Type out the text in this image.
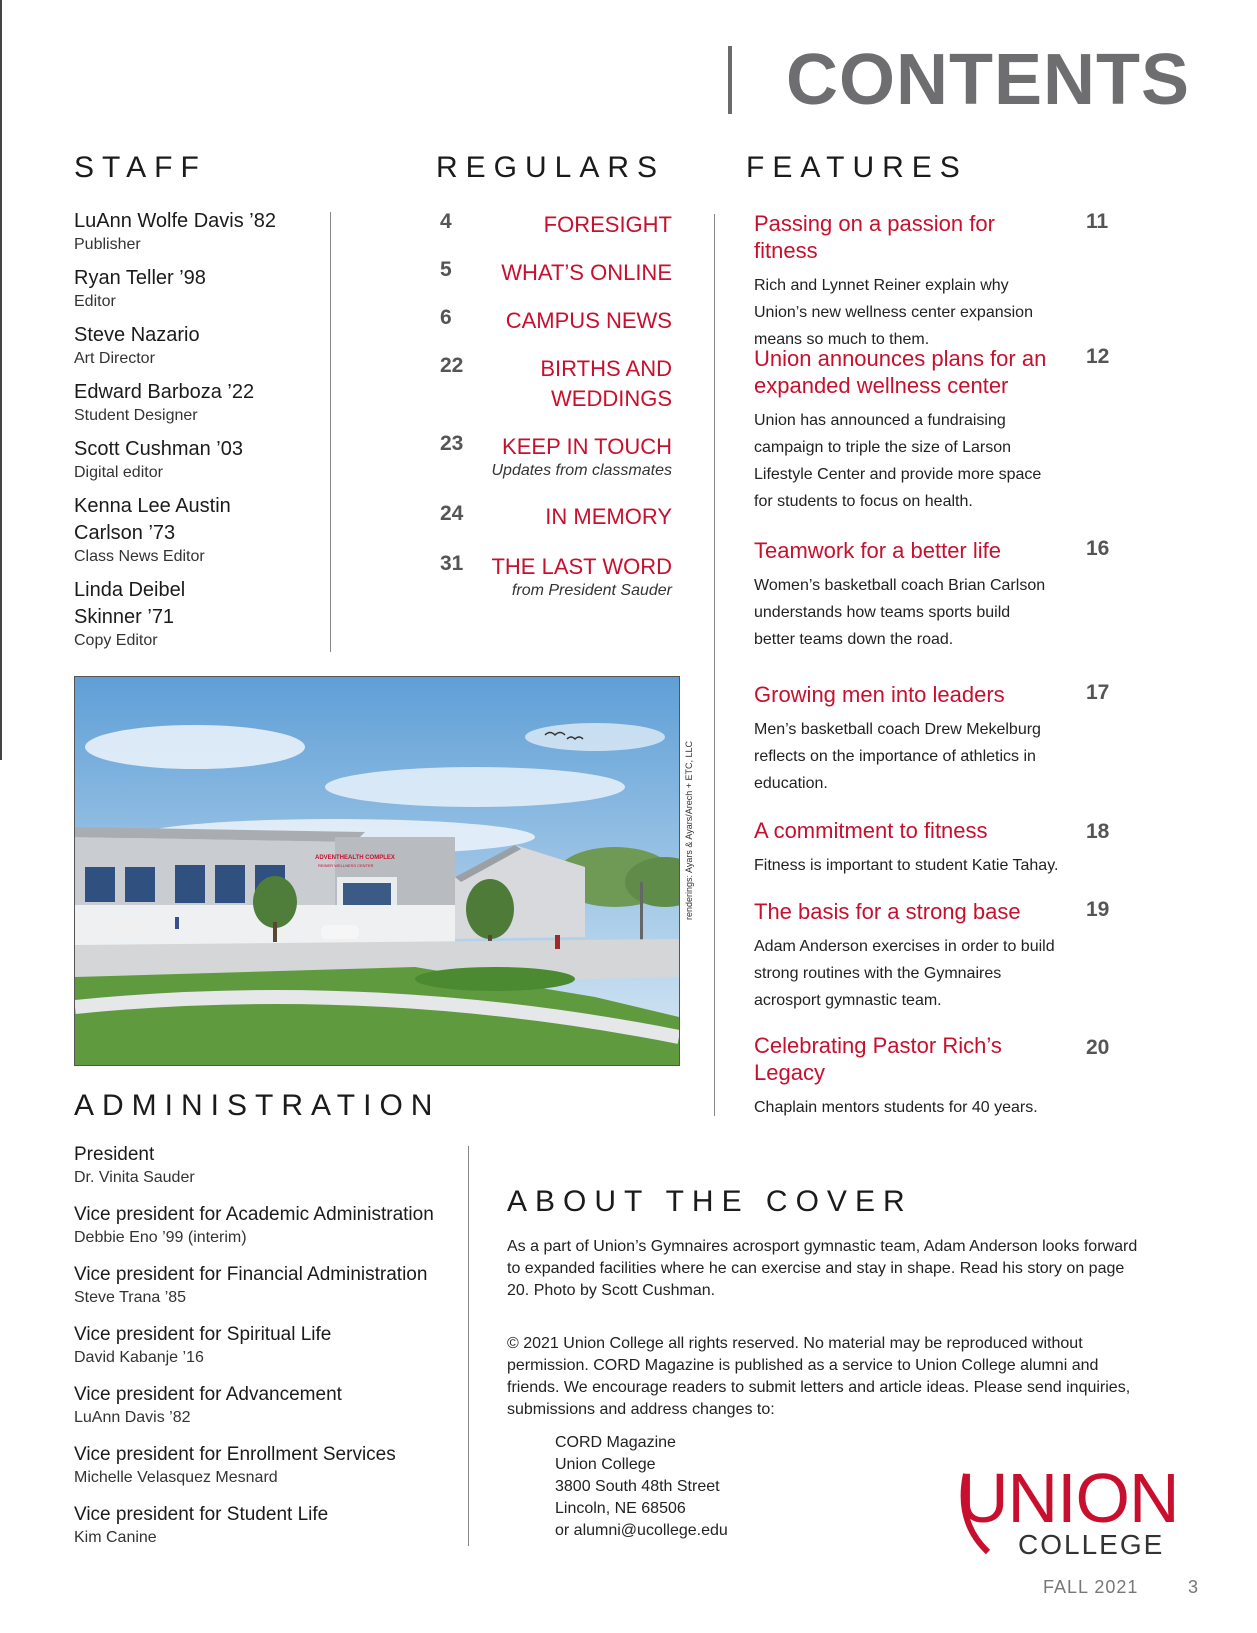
CONTENTS
STAFF	REGULARS	FEATURES
LuAnn Wolfe Davis ’82
Publisher
Ryan Teller ’98
Editor
Steve Nazario
Art Director
Edward Barboza ’22
Student Designer
Scott Cushman ’03
Digital editor
Kenna Lee Austin Carlson ’73
Class News Editor
Linda Deibel Skinner ’71
Copy Editor
4	FORESIGHT
5	WHAT’S ONLINE
6	CAMPUS NEWS
22	BIRTHS AND WEDDINGS
23	KEEP IN TOUCH
Updates from classmates
24	IN MEMORY
31	THE LAST WORD
from President Sauder
Passing on a passion for fitness
Rich and Lynnet Reiner explain why Union’s new wellness center expansion means so much to them.
11
Union announces plans for an expanded wellness center
Union has announced a fundraising campaign to triple the size of Larson Lifestyle Center and provide more space for students to focus on health.
12
Teamwork for a better life
Women’s basketball coach Brian Carlson understands how teams sports build better teams down the road.
16
Growing men into leaders
Men’s basketball coach Drew Mekelburg reflects on the importance of athletics in education.
17
A commitment to fitness
Fitness is important to student Katie Tahay.
18
The basis for a strong base
Adam Anderson exercises in order to build strong routines with the Gymnaires acrosport gymnastic team.
19
Celebrating Pastor Rich’s Legacy
Chaplain mentors students for 40 years.
20
ADVENTHEALTH COMPLEX
REINER WELLNESS CENTER	renderings: Ayars & Ayars/Arech + ETC, LLC
ADMINISTRATION
President
Dr. Vinita Sauder
Vice president for Academic Administration
Debbie Eno ’99 (interim)
Vice president for Financial Administration
Steve Trana ’85
Vice president for Spiritual Life
David Kabanje ’16
Vice president for Advancement
LuAnn Davis ’82
Vice president for Enrollment Services
Michelle Velasquez Mesnard
Vice president for Student Life
Kim Canine
ABOUT THE COVER
As a part of Union’s Gymnaires acrosport gymnastic team, Adam Anderson looks forward to expanded facilities where he can exercise and stay in shape. Read his story on page 20. Photo by Scott Cushman.
© 2021 Union College all rights reserved. No material may be reproduced without permission. CORD Magazine is published as a service to Union College alumni and friends. We encourage readers to submit letters and article ideas. Please send inquiries, submissions and address changes to:
CORD Magazine
Union College
3800 South 48th Street
Lincoln, NE 68506
or alumni@ucollege.edu	UNION
COLLEGE
FALL 2021	3
